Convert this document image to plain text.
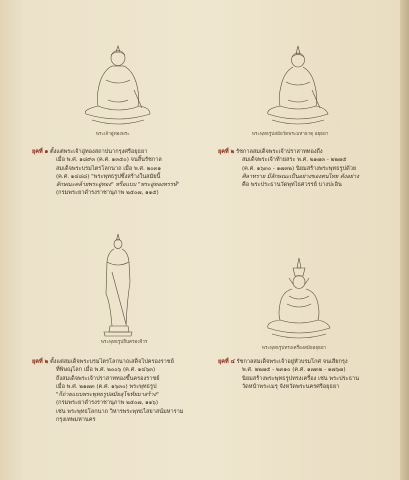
พระเจ้าอู่ทองพระ	พระพุทธรูปสมัยวัดพระมหาธาตุ อยุธยา

ยุคที่ ๑ ตั้งแต่พระเจ้าอู่ทองสถาปนากรุงศรีอยุธยา

เมื่อ พ.ศ. ๑๘๙๓ (ค.ศ. ๑๓๕๐) จนสิ้นรัชกาล

สมเด็จพระบรมไตรโลกนาถ เมื่อ พ.ศ. ๒๐๓๑

(ค.ศ. ๑๔๘๘) "พระพุทธรูปซึ่งสร้างในสมัยนี้

ลักษณะคล้ายพระอู่ทอง" หรือแบบ "พระอู่ทองหรรษ์"

(กรมพระยาดำรงราชานุภาพ ๒๕๐๗, ๑๑๕)

ยุคที่ ๒ รัชกาลสมเด็จพระเจ้าปราสาททองถึง

สมเด็จพระเจ้าท้ายสระ พ.ศ. ๒๑๗๓ - ๒๒๗๕

(ค.ศ. ๑๖๓๐ - ๑๗๓๒) นิยมสร้างพระพุทธรูปด้วย

ศิลาทราย มีลักษณะเป็นอย่างของตนไทย ดังอย่าง

คือ พระประธานวัดพุทไธศวรรย์ บางปะอิน

พระพุทธรูปยืนครองจีวร
พระพุทธรูปทรงเครื่องสมัยอยุธยา

ยุคที่ ๒ ตั้งแต่สมเด็จพระบรมไตรโลกนาถเสด็จไปครองราชย์

ที่พิษณุโลก เมื่อ พ.ศ. ๒๐๐๖ (ค.ศ. ๑๔๖๓)

ถึงสมเด็จพระเจ้าปราสาททองขึ้นครองราชย์

เมื่อ พ.ศ. ๒๑๗๓ (ค.ศ. ๑๖๓๐) พระพุทธรูป

"ก็ถ่ายแบบพระพุทธรูปสมัยสุโขทัยมาสร้าง"

(กรมพระยาดำรงราชานุภาพ ๒๕๐๗, ๑๑๖)

เช่น พระพุทธโลกนาถ วิหารพระพุทธไสยาสน์มหาราม

กรุงเทพมหานคร

ยุคที่ ๔ รัชกาลสมเด็จพระเจ้าอยู่หัวบรมโกศ จนเสียกรุง

พ.ศ. ๒๒๗๕ - ๒๓๑๐ (ค.ศ. ๑๗๓๒ - ๑๗๖๗)

นิยมสร้างพระพุทธรูปทรงเครื่อง เช่น พระประธาน

วัดหน้าพระเมรุ จังหวัดพระนครศรีอยุธยา
